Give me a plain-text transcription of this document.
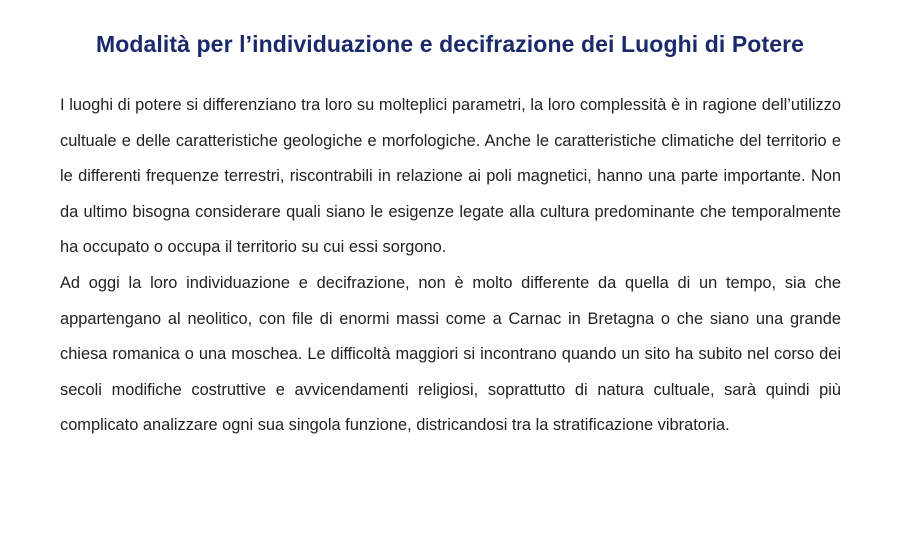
Modalità per l’individuazione e decifrazione dei Luoghi di Potere

I luoghi di potere si differenziano tra loro su molteplici parametri, la loro complessità è in ragione dell’utilizzo cultuale e delle caratteristiche geologiche e morfologiche. Anche le caratteristiche climatiche del territorio e le differenti frequenze terrestri, riscontrabili in relazione ai poli magnetici, hanno una parte importante. Non da ultimo bisogna considerare quali siano le esigenze legate alla cultura predominante che temporalmente ha occupato o occupa il territorio su cui essi sorgono.

Ad oggi la loro individuazione e decifrazione, non è molto differente da quella di un tempo, sia che appartengano al neolitico, con file di enormi massi come a Carnac in Bretagna o che siano una grande chiesa romanica o una moschea. Le difficoltà maggiori si incontrano quando un sito ha subito nel corso dei secoli modifiche costruttive e avvicendamenti religiosi, soprattutto di natura cultuale, sarà quindi più complicato analizzare ogni sua singola funzione, districandosi tra la stratificazione vibratoria.
